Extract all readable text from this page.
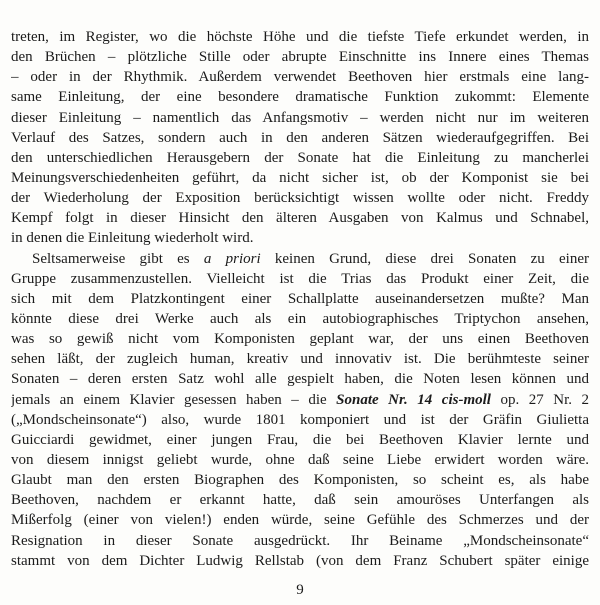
treten, im Register, wo die höchste Höhe und die tiefste Tiefe erkundet werden, in
den Brüchen – plötzliche Stille oder abrupte Einschnitte ins Innere eines Themas
– oder in der Rhythmik. Außerdem verwendet Beethoven hier erstmals eine lang-
same Einleitung, der eine besondere dramatische Funktion zukommt: Elemente
dieser Einleitung – namentlich das Anfangsmotiv – werden nicht nur im weiteren
Verlauf des Satzes, sondern auch in den anderen Sätzen wiederaufgegriffen. Bei
den unterschiedlichen Herausgebern der Sonate hat die Einleitung zu mancherlei
Meinungsverschiedenheiten geführt, da nicht sicher ist, ob der Komponist sie bei
der Wiederholung der Exposition berücksichtigt wissen wollte oder nicht. Freddy
Kempf folgt in dieser Hinsicht den älteren Ausgaben von Kalmus und Schnabel,
in denen die Einleitung wiederholt wird.
Seltsamerweise gibt es a priori keinen Grund, diese drei Sonaten zu einer
Gruppe zusammenzustellen. Vielleicht ist die Trias das Produkt einer Zeit, die
sich mit dem Platzkontingent einer Schallplatte auseinandersetzen mußte? Man
könnte diese drei Werke auch als ein autobiographisches Triptychon ansehen,
was so gewiß nicht vom Komponisten geplant war, der uns einen Beethoven
sehen läßt, der zugleich human, kreativ und innovativ ist. Die berühmteste seiner
Sonaten – deren ersten Satz wohl alle gespielt haben, die Noten lesen können und
jemals an einem Klavier gesessen haben – die Sonate Nr. 14 cis-moll op. 27 Nr. 2
(„Mondscheinsonate“) also, wurde 1801 komponiert und ist der Gräfin Giulietta
Guicciardi gewidmet, einer jungen Frau, die bei Beethoven Klavier lernte und
von diesem innigst geliebt wurde, ohne daß seine Liebe erwidert worden wäre.
Glaubt man den ersten Biographen des Komponisten, so scheint es, als habe
Beethoven, nachdem er erkannt hatte, daß sein amouröses Unterfangen als
Mißerfolg (einer von vielen!) enden würde, seine Gefühle des Schmerzes und der
Resignation in dieser Sonate ausgedrückt. Ihr Beiname „Mondscheinsonate“
stammt von dem Dichter Ludwig Rellstab (von dem Franz Schubert später einige
9
